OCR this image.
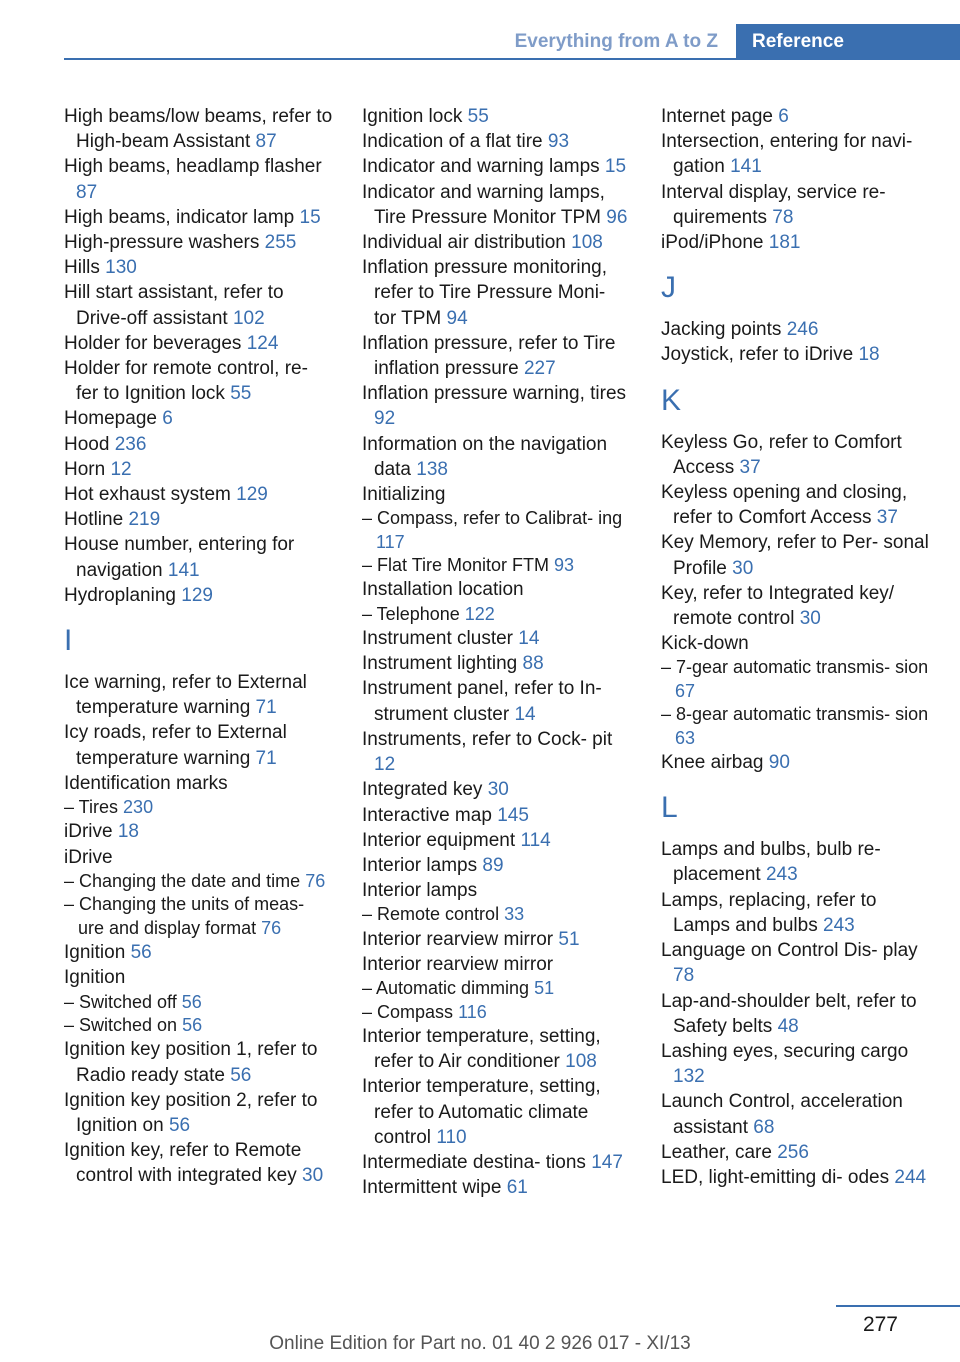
Everything from A to Z	Reference
High beams/low beams, refer to High-beam Assistant 87
High beams, headlamp flasher 87
High beams, indicator lamp 15
High-pressure washers 255
Hills 130
Hill start assistant, refer to Drive-off assistant 102
Holder for beverages 124
Holder for remote control, re- fer to Ignition lock 55
Homepage 6
Hood 236
Horn 12
Hot exhaust system 129
Hotline 219
House number, entering for navigation 141
Hydroplaning 129
I
Ice warning, refer to External temperature warning 71
Icy roads, refer to External temperature warning 71
Identification marks
– Tires 230
iDrive 18
iDrive
– Changing the date and time 76
– Changing the units of meas- ure and display format 76
Ignition 56
Ignition
– Switched off 56
– Switched on 56
Ignition key position 1, refer to Radio ready state 56
Ignition key position 2, refer to Ignition on 56
Ignition key, refer to Remote control with integrated key 30
Ignition lock 55
Indication of a flat tire 93
Indicator and warning lamps 15
Indicator and warning lamps, Tire Pressure Monitor TPM 96
Individual air distribution 108
Inflation pressure monitoring, refer to Tire Pressure Moni- tor TPM 94
Inflation pressure, refer to Tire inflation pressure 227
Inflation pressure warning, tires 92
Information on the navigation data 138
Initializing
– Compass, refer to Calibrat- ing 117
– Flat Tire Monitor FTM 93
Installation location
– Telephone 122
Instrument cluster 14
Instrument lighting 88
Instrument panel, refer to In- strument cluster 14
Instruments, refer to Cock- pit 12
Integrated key 30
Interactive map 145
Interior equipment 114
Interior lamps 89
Interior lamps
– Remote control 33
Interior rearview mirror 51
Interior rearview mirror
– Automatic dimming 51
– Compass 116
Interior temperature, setting, refer to Air conditioner 108
Interior temperature, setting, refer to Automatic climate control 110
Intermediate destina- tions 147
Intermittent wipe 61
Internet page 6
Intersection, entering for navi- gation 141
Interval display, service re- quirements 78
iPod/iPhone 181
J
Jacking points 246
Joystick, refer to iDrive 18
K
Keyless Go, refer to Comfort Access 37
Keyless opening and closing, refer to Comfort Access 37
Key Memory, refer to Per- sonal Profile 30
Key, refer to Integrated key/ remote control 30
Kick-down
– 7-gear automatic transmis- sion 67
– 8-gear automatic transmis- sion 63
Knee airbag 90
L
Lamps and bulbs, bulb re- placement 243
Lamps, replacing, refer to Lamps and bulbs 243
Language on Control Dis- play 78
Lap-and-shoulder belt, refer to Safety belts 48
Lashing eyes, securing cargo 132
Launch Control, acceleration assistant 68
Leather, care 256
LED, light-emitting di- odes 244
277
Online Edition for Part no. 01 40 2 926 017 - XI/13
